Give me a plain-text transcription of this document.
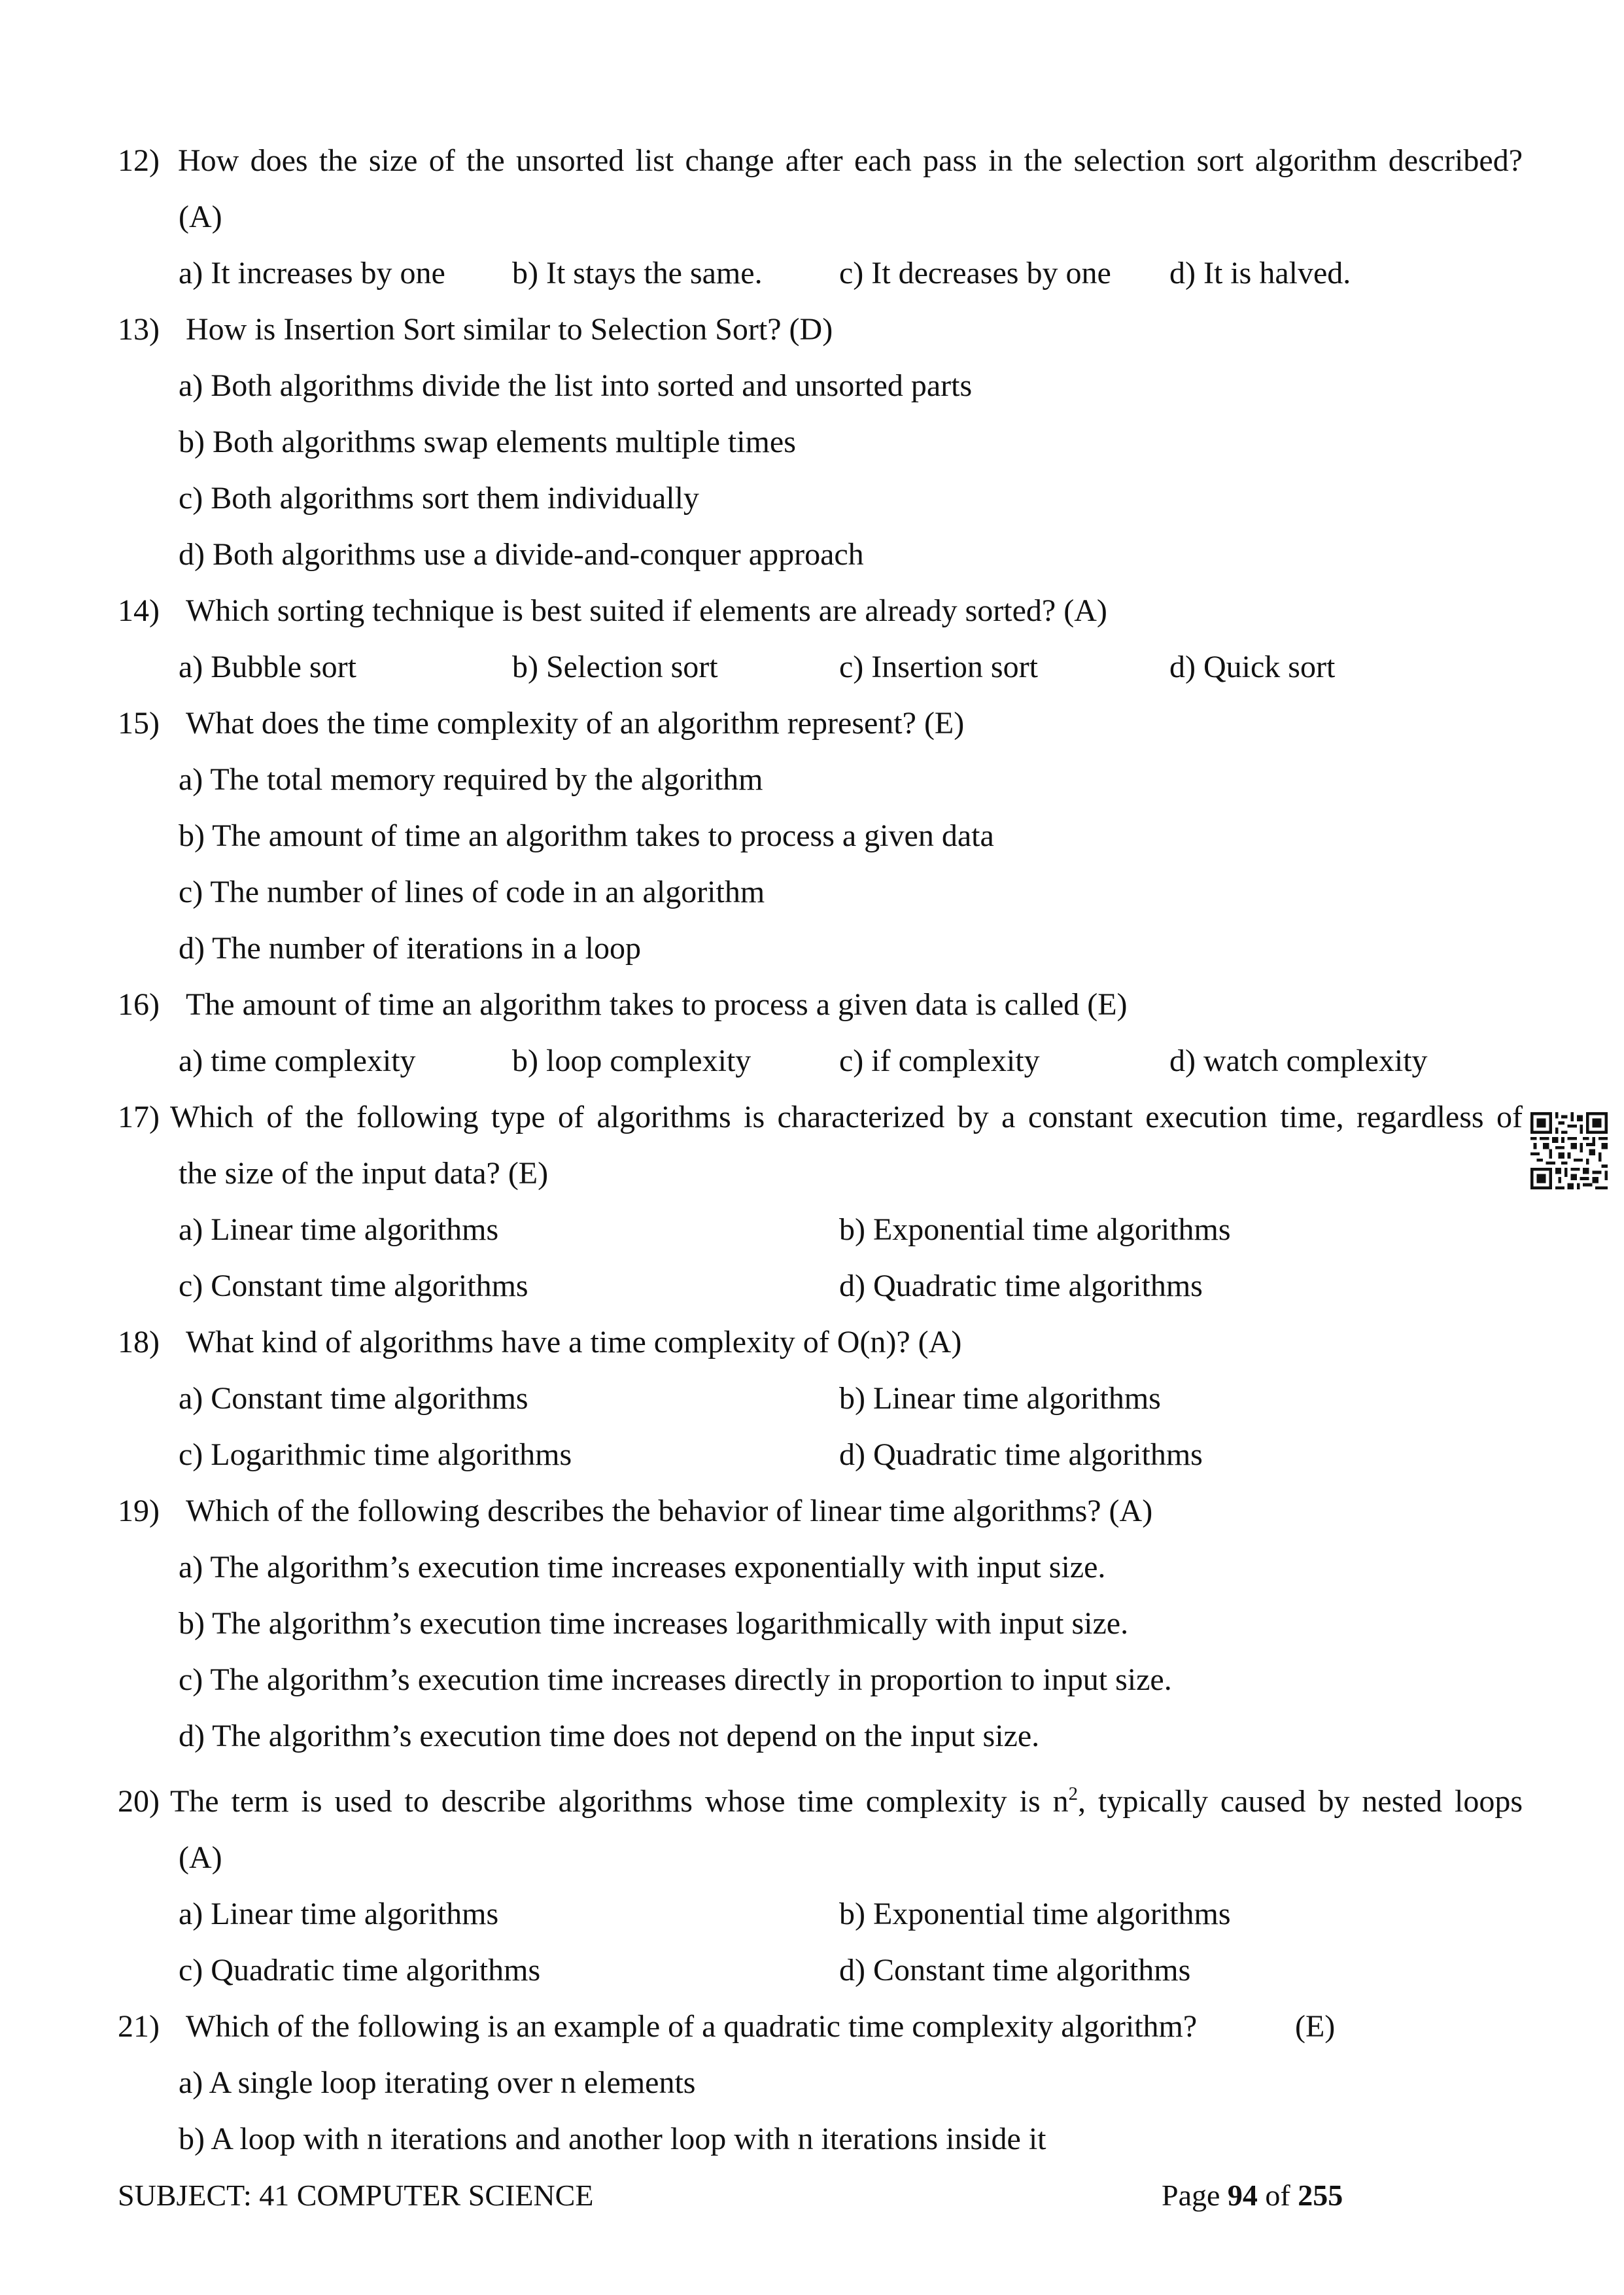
12) How does the size of the unsorted list change after each pass in the selection sort algorithm described?
(A)
a) It increases by one b) It stays the same. c) It decreases by one d) It is halved.
13) How is Insertion Sort similar to Selection Sort? (D)
a) Both algorithms divide the list into sorted and unsorted parts
b) Both algorithms swap elements multiple times
c) Both algorithms sort them individually
d) Both algorithms use a divide-and-conquer approach
14) Which sorting technique is best suited if elements are already sorted? (A)
a) Bubble sort	b) Selection sort	c) Insertion sort	d) Quick sort
15) What does the time complexity of an algorithm represent? (E)
a) The total memory required by the algorithm
b) The amount of time an algorithm takes to process a given data
c) The number of lines of code in an algorithm
d) The number of iterations in a loop
16) The amount of time an algorithm takes to process a given data is called (E)
a) time complexity	b) loop complexity	c) if complexity	d) watch complexity
17) Which of the following type of algorithms is characterized by a constant execution time, regardless of
the size of the input data? (E)
a) Linear time algorithms	b) Exponential time algorithms
c) Constant time algorithms	d) Quadratic time algorithms
18) What kind of algorithms have a time complexity of O(n)? (A)
a) Constant time algorithms	b) Linear time algorithms
c) Logarithmic time algorithms	d) Quadratic time algorithms
19) Which of the following describes the behavior of linear time algorithms? (A)
a) The algorithm’s execution time increases exponentially with input size.
b) The algorithm’s execution time increases logarithmically with input size.
c) The algorithm’s execution time increases directly in proportion to input size.
d) The algorithm’s execution time does not depend on the input size.
20) The term is used to describe algorithms whose time complexity is $n^2$, typically caused by nested loops
(A)
a) Linear time algorithms	b) Exponential time algorithms
c) Quadratic time algorithms	d) Constant time algorithms
21) Which of the following is an example of a quadratic time complexity algorithm?	(E)
a) A single loop iterating over n elements
b) A loop with n iterations and another loop with n iterations inside it
SUBJECT: 41 COMPUTER SCIENCE	Page 94 of 255
